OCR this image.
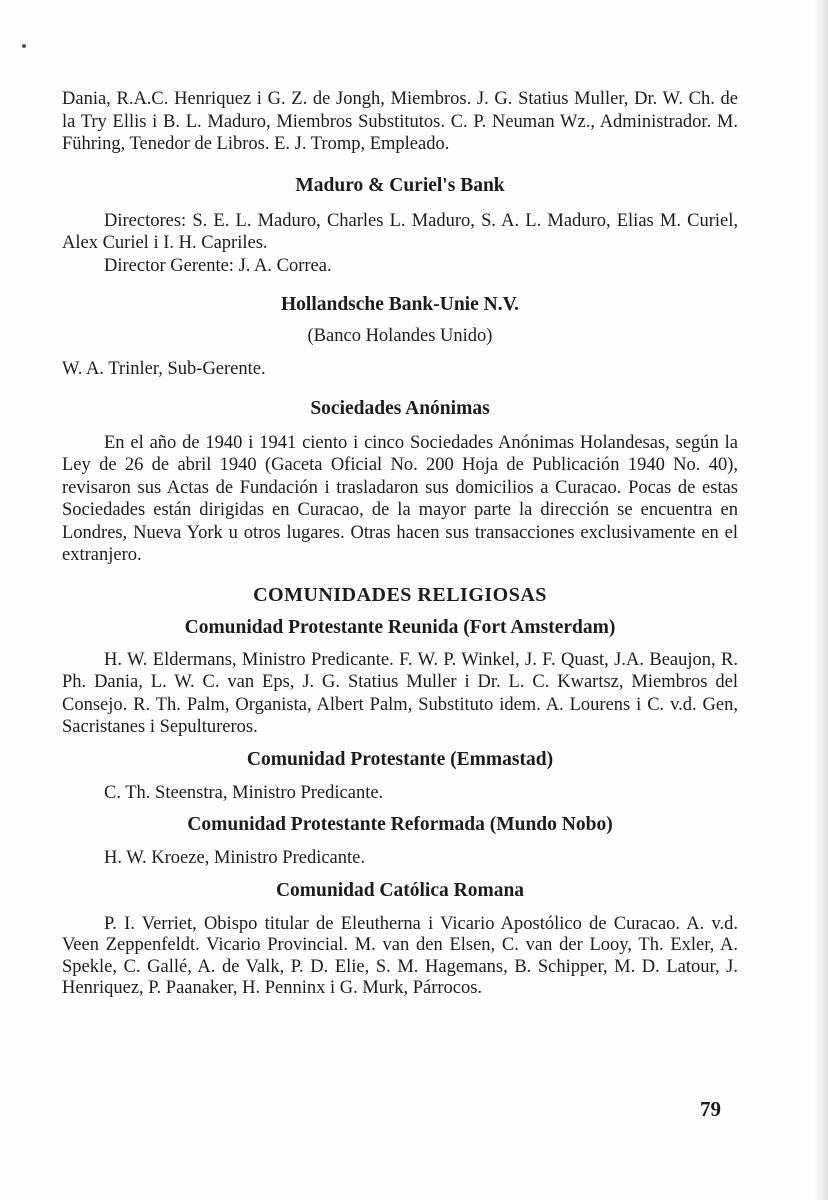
Dania, R.A.C. Henriquez i G. Z. de Jongh, Miembros. J. G. Statius Muller, Dr. W. Ch. de la Try Ellis i B. L. Maduro, Miembros Substitutos. C. P. Neuman Wz., Administrador. M. Führing, Tenedor de Libros. E. J. Tromp, Empleado.

Maduro & Curiel's Bank

Directores: S. E. L. Maduro, Charles L. Maduro, S. A. L. Maduro, Elias M. Curiel, Alex Curiel i I. H. Capriles.

Director Gerente: J. A. Correa.

Hollandsche Bank-Unie N.V.
(Banco Holandes Unido)

W. A. Trinler, Sub-Gerente.

Sociedades Anónimas

En el año de 1940 i 1941 ciento i cinco Sociedades Anónimas Holandesas, según la Ley de 26 de abril 1940 (Gaceta Oficial No. 200 Hoja de Publicación 1940 No. 40), revisaron sus Actas de Fundación i trasladaron sus domicilios a Curacao. Pocas de estas Sociedades están dirigidas en Curacao, de la mayor parte la dirección se encuentra en Londres, Nueva York u otros lugares. Otras hacen sus transacciones exclusivamente en el extranjero.

COMUNIDADES RELIGIOSAS
Comunidad Protestante Reunida (Fort Amsterdam)

H. W. Eldermans, Ministro Predicante. F. W. P. Winkel, J. F. Quast, J.A. Beaujon, R. Ph. Dania, L. W. C. van Eps, J. G. Statius Muller i Dr. L. C. Kwartsz, Miembros del Consejo. R. Th. Palm, Organista, Albert Palm, Substituto idem. A. Lourens i C. v.d. Gen, Sacristanes i Sepultureros.

Comunidad Protestante (Emmastad)

C. Th. Steenstra, Ministro Predicante.

Comunidad Protestante Reformada (Mundo Nobo)

H. W. Kroeze, Ministro Predicante.

Comunidad Católica Romana

P. I. Verriet, Obispo titular de Eleutherna i Vicario Apostólico de Curacao. A. v.d. Veen Zeppenfeldt. Vicario Provincial. M. van den Elsen, C. van der Looy, Th. Exler, A. Spekle, C. Gallé, A. de Valk, P. D. Elie, S. M. Hagemans, B. Schipper, M. D. Latour, J. Henriquez, P. Paanaker, H. Penninx i G. Murk, Párrocos.

79
